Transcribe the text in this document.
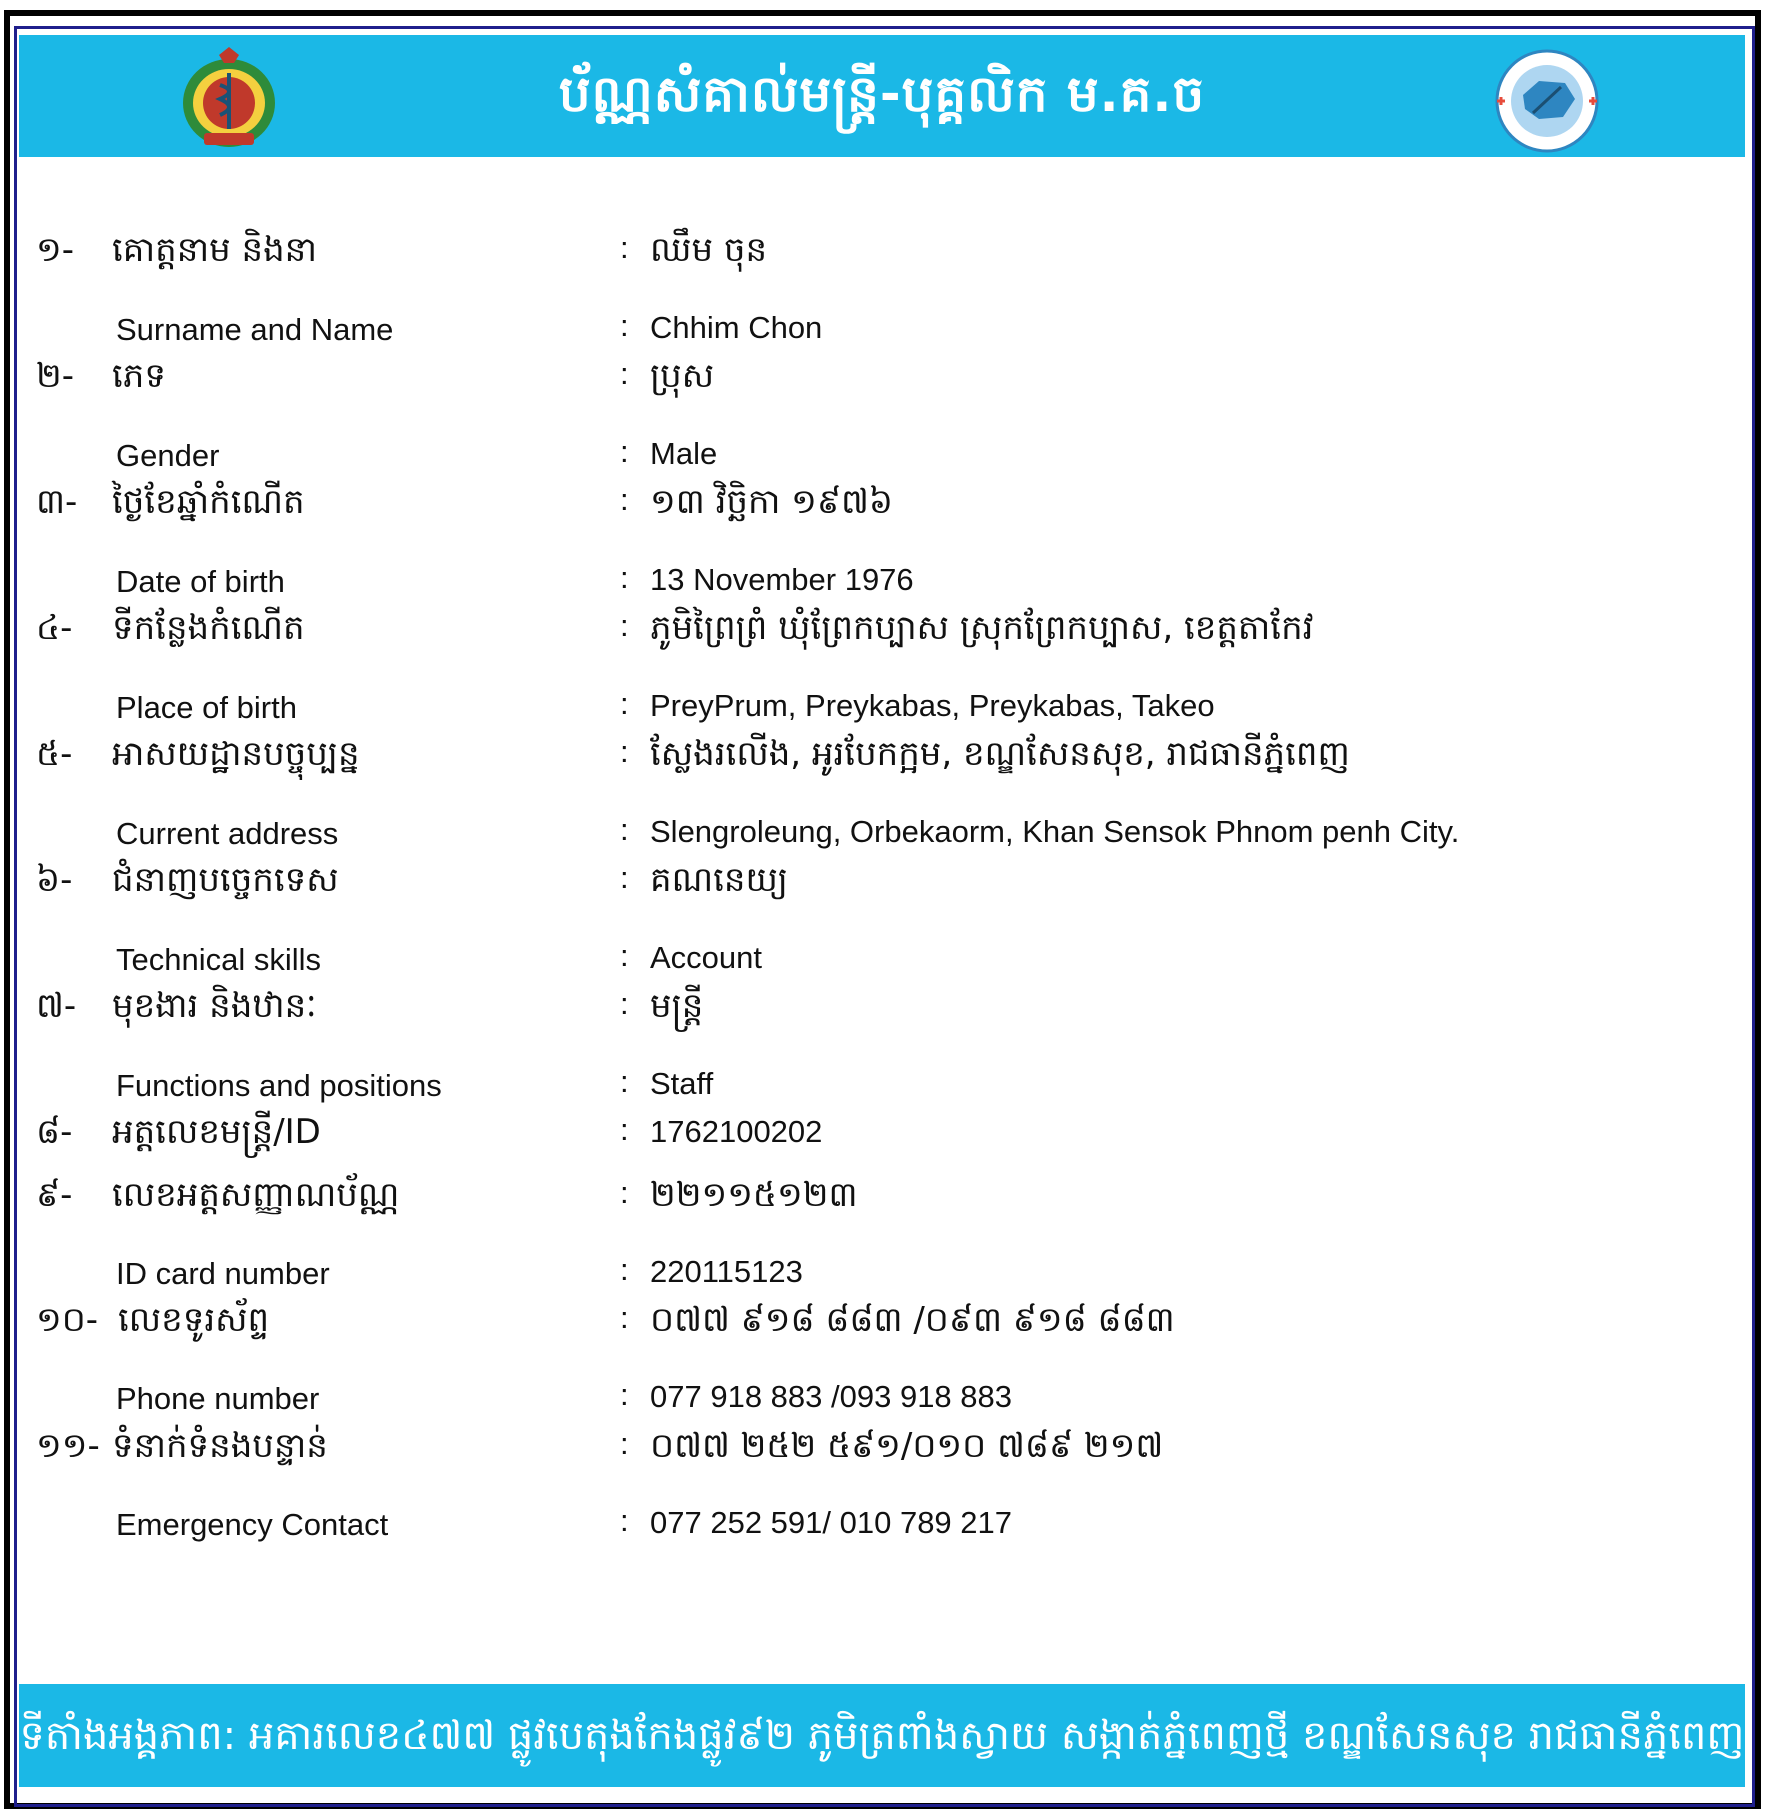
ប័ណ្ណសំគាល់មន្រ្តី-បុគ្គលិក ម.គ.ច
១- គោត្តនាម និងនា	: ឈឹម ចុន
Surname and Name	: Chhim Chon
២- ភេទ	: ប្រុស
Gender	: Male
៣- ថ្ងៃខែឆ្នាំកំណើត	: ១៣ វិច្ឆិកា ១៩៧៦
Date of birth	: 13 November 1976
៤- ទីកន្លែងកំណើត	: ភូមិព្រៃព្រំ ឃុំព្រែកប្បាស ស្រុកព្រែកប្បាស, ខេត្តតាកែវ
Place of birth	: PreyPrum, Preykabas, Preykabas, Takeo
៥- អាសយដ្ឋានបច្ចុប្បន្ន	: ស្លែងរលើង, អូរបែកក្អម, ខណ្ឌសែនសុខ, រាជធានីភ្នំពេញ
Current address	: Slengroleung, Orbekaorm, Khan Sensok Phnom penh City.
៦- ជំនាញបច្ចេកទេស	: គណនេយ្យ
Technical skills	: Account
៧- មុខងារ និងឋានៈ	: មន្ត្រី
Functions and positions	: Staff
៨- អត្តលេខមន្ត្រី/ID	: 1762100202
៩- លេខអត្តសញ្ញាណប័ណ្ណ	: ២២១១៥១២៣
ID card number	: 220115123
១០- លេខទូរស័ព្ទ	: ០៧៧ ៩១៨ ៨៨៣ /០៩៣ ៩១៨ ៨៨៣
Phone number	: 077 918 883 /093 918 883
១១- ទំនាក់ទំនងបន្ទាន់	: ០៧៧ ២៥២ ៥៩១/០១០ ៧៨៩ ២១៧
Emergency Contact	: 077 252 591/ 010 789 217
ទីតាំងអង្គភាព: អគារលេខ៤៧៧ ផ្លូវបេតុងកែងផ្លូវ៩២ ភូមិត្រពាំងស្វាយ សង្កាត់ភ្នំពេញថ្មី ខណ្ឌសែនសុខ រាជធានីភ្នំពេញ
